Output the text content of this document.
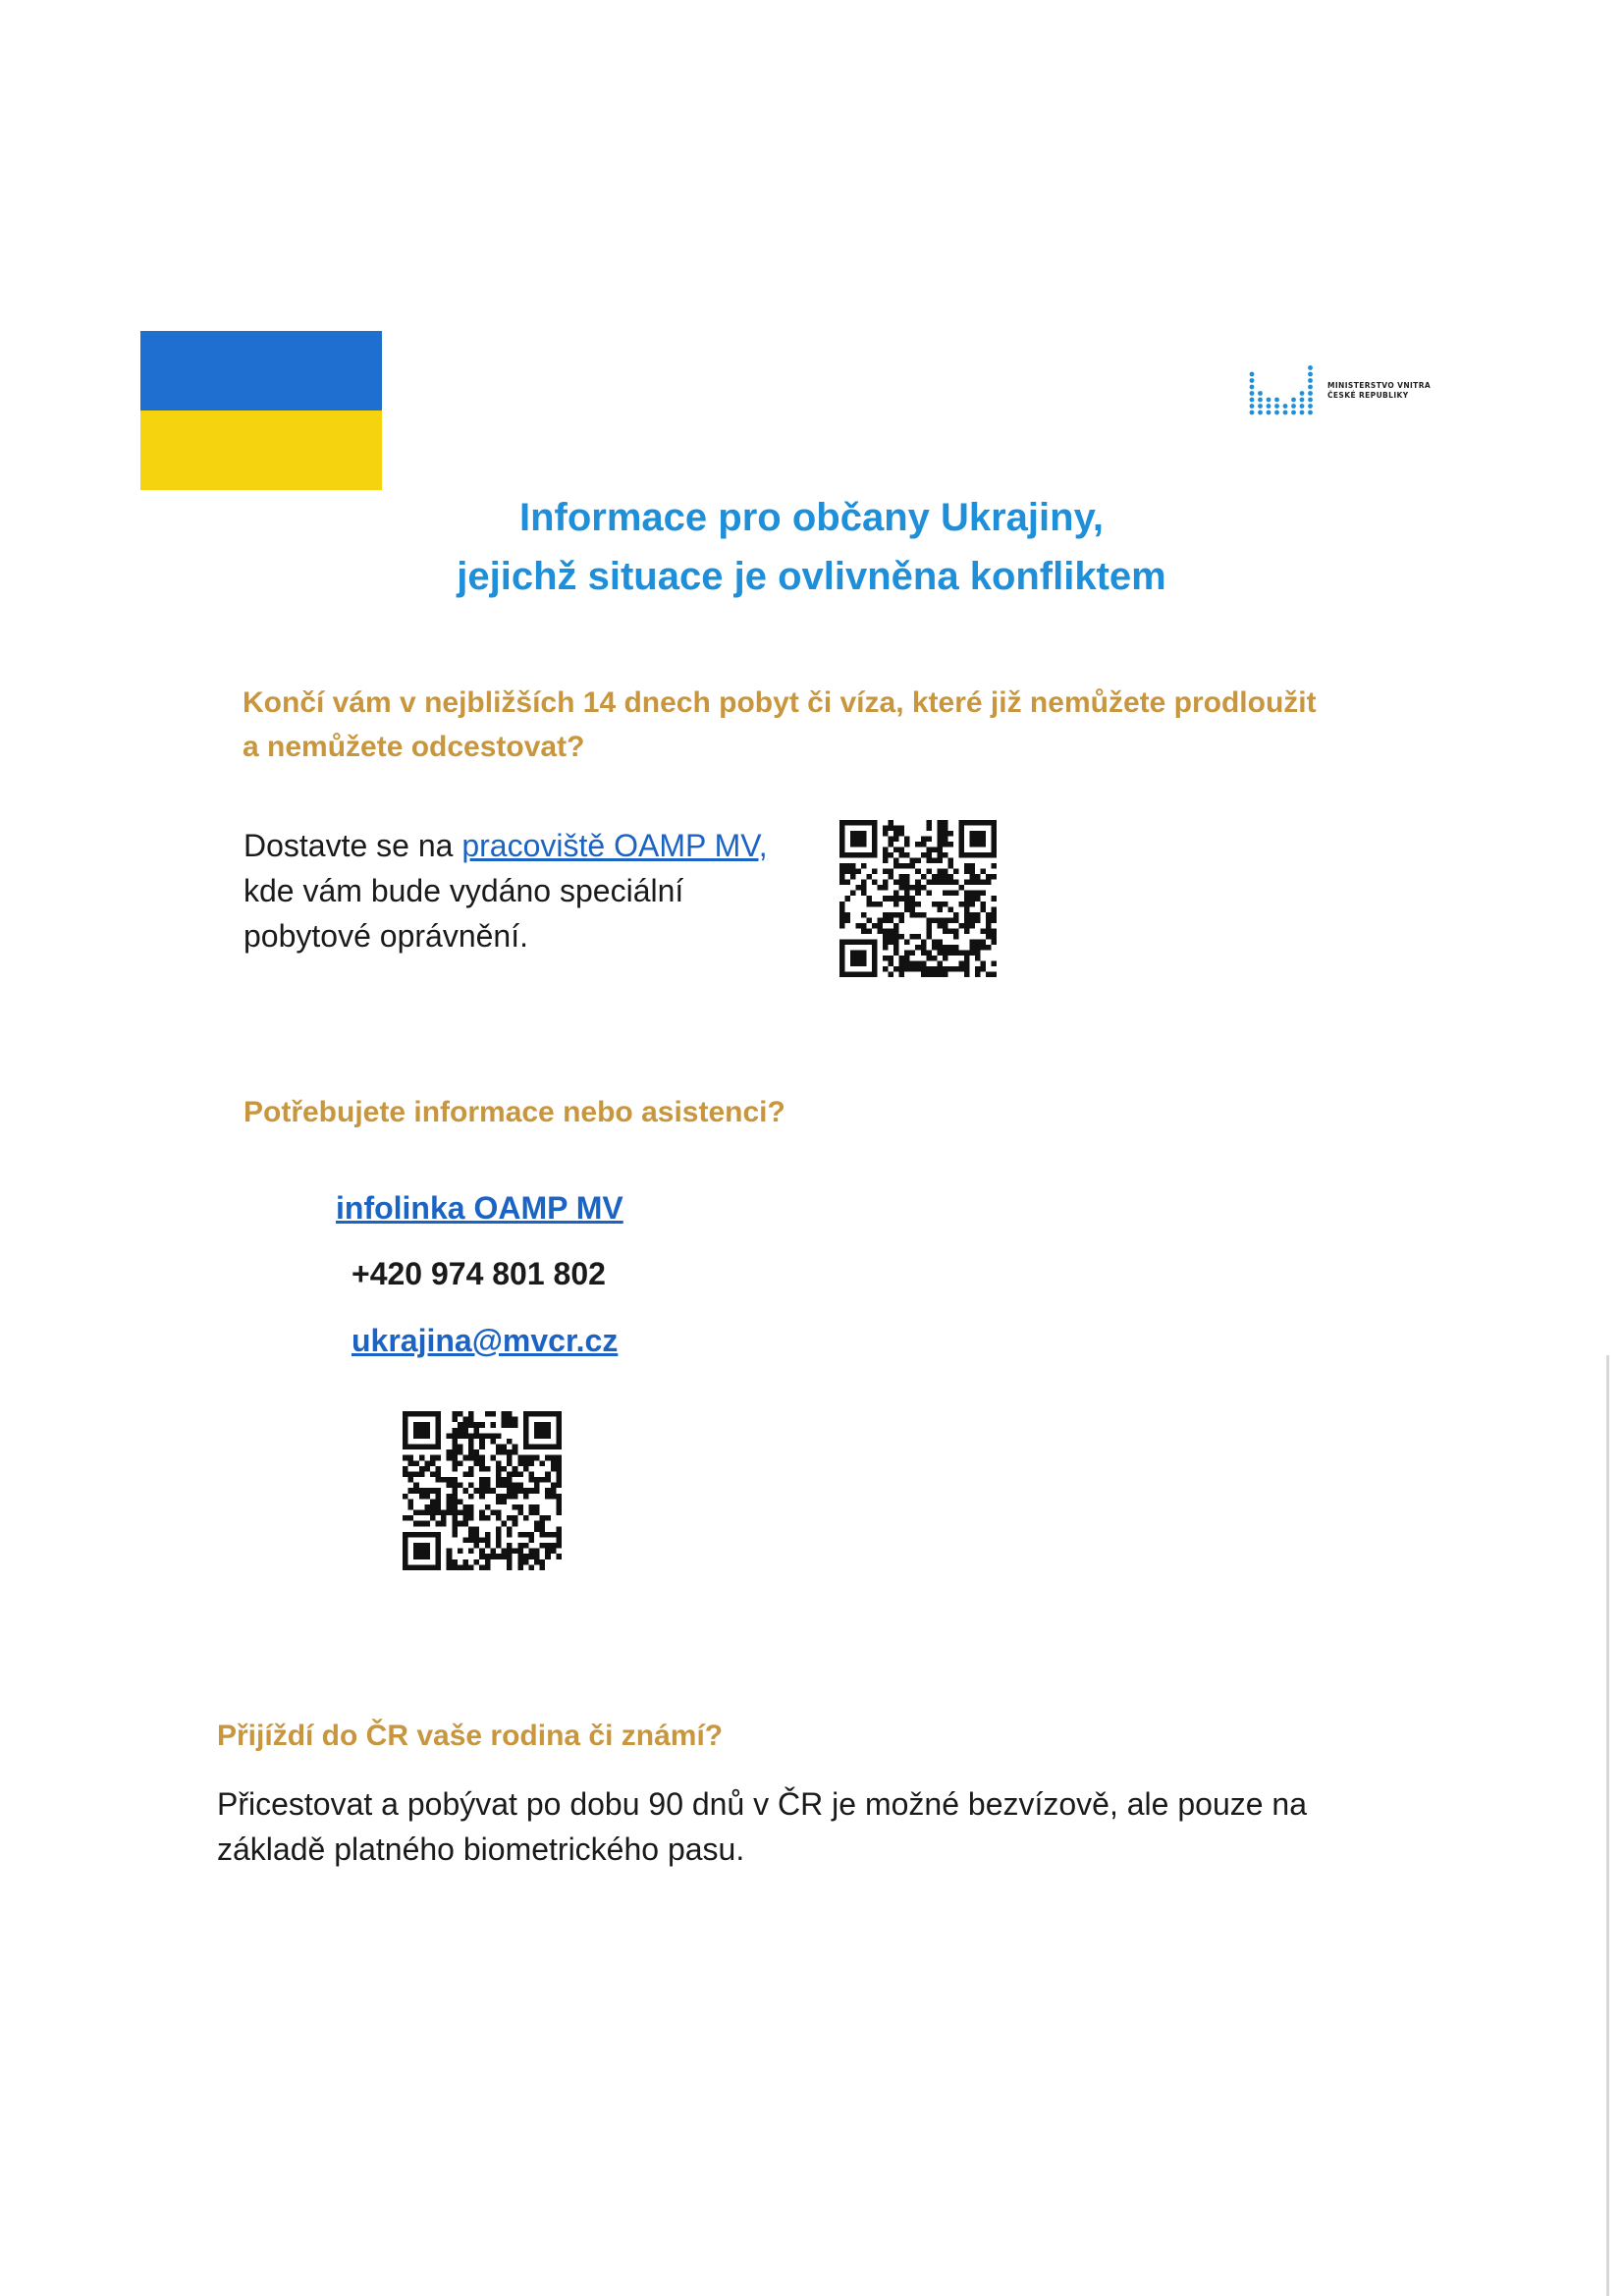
MINISTERSTVO VNITRA
ČESKÉ REPUBLIKY
Informace pro občany Ukrajiny,
jejichž situace je ovlivněna konfliktem
Končí vám v nejbližších 14 dnech pobyt či víza, které již nemůžete prodloužit
a nemůžete odcestovat?
Dostavte se na pracoviště OAMP MV,
kde vám bude vydáno speciální
pobytové oprávnění.
Potřebujete informace nebo asistenci?
infolinka OAMP MV
+420 974 801 802
ukrajina@mvcr.cz
Přijíždí do ČR vaše rodina či známí?
Přicestovat a pobývat po dobu 90 dnů v ČR je možné bezvízově, ale pouze na
základě platného biometrického pasu.
